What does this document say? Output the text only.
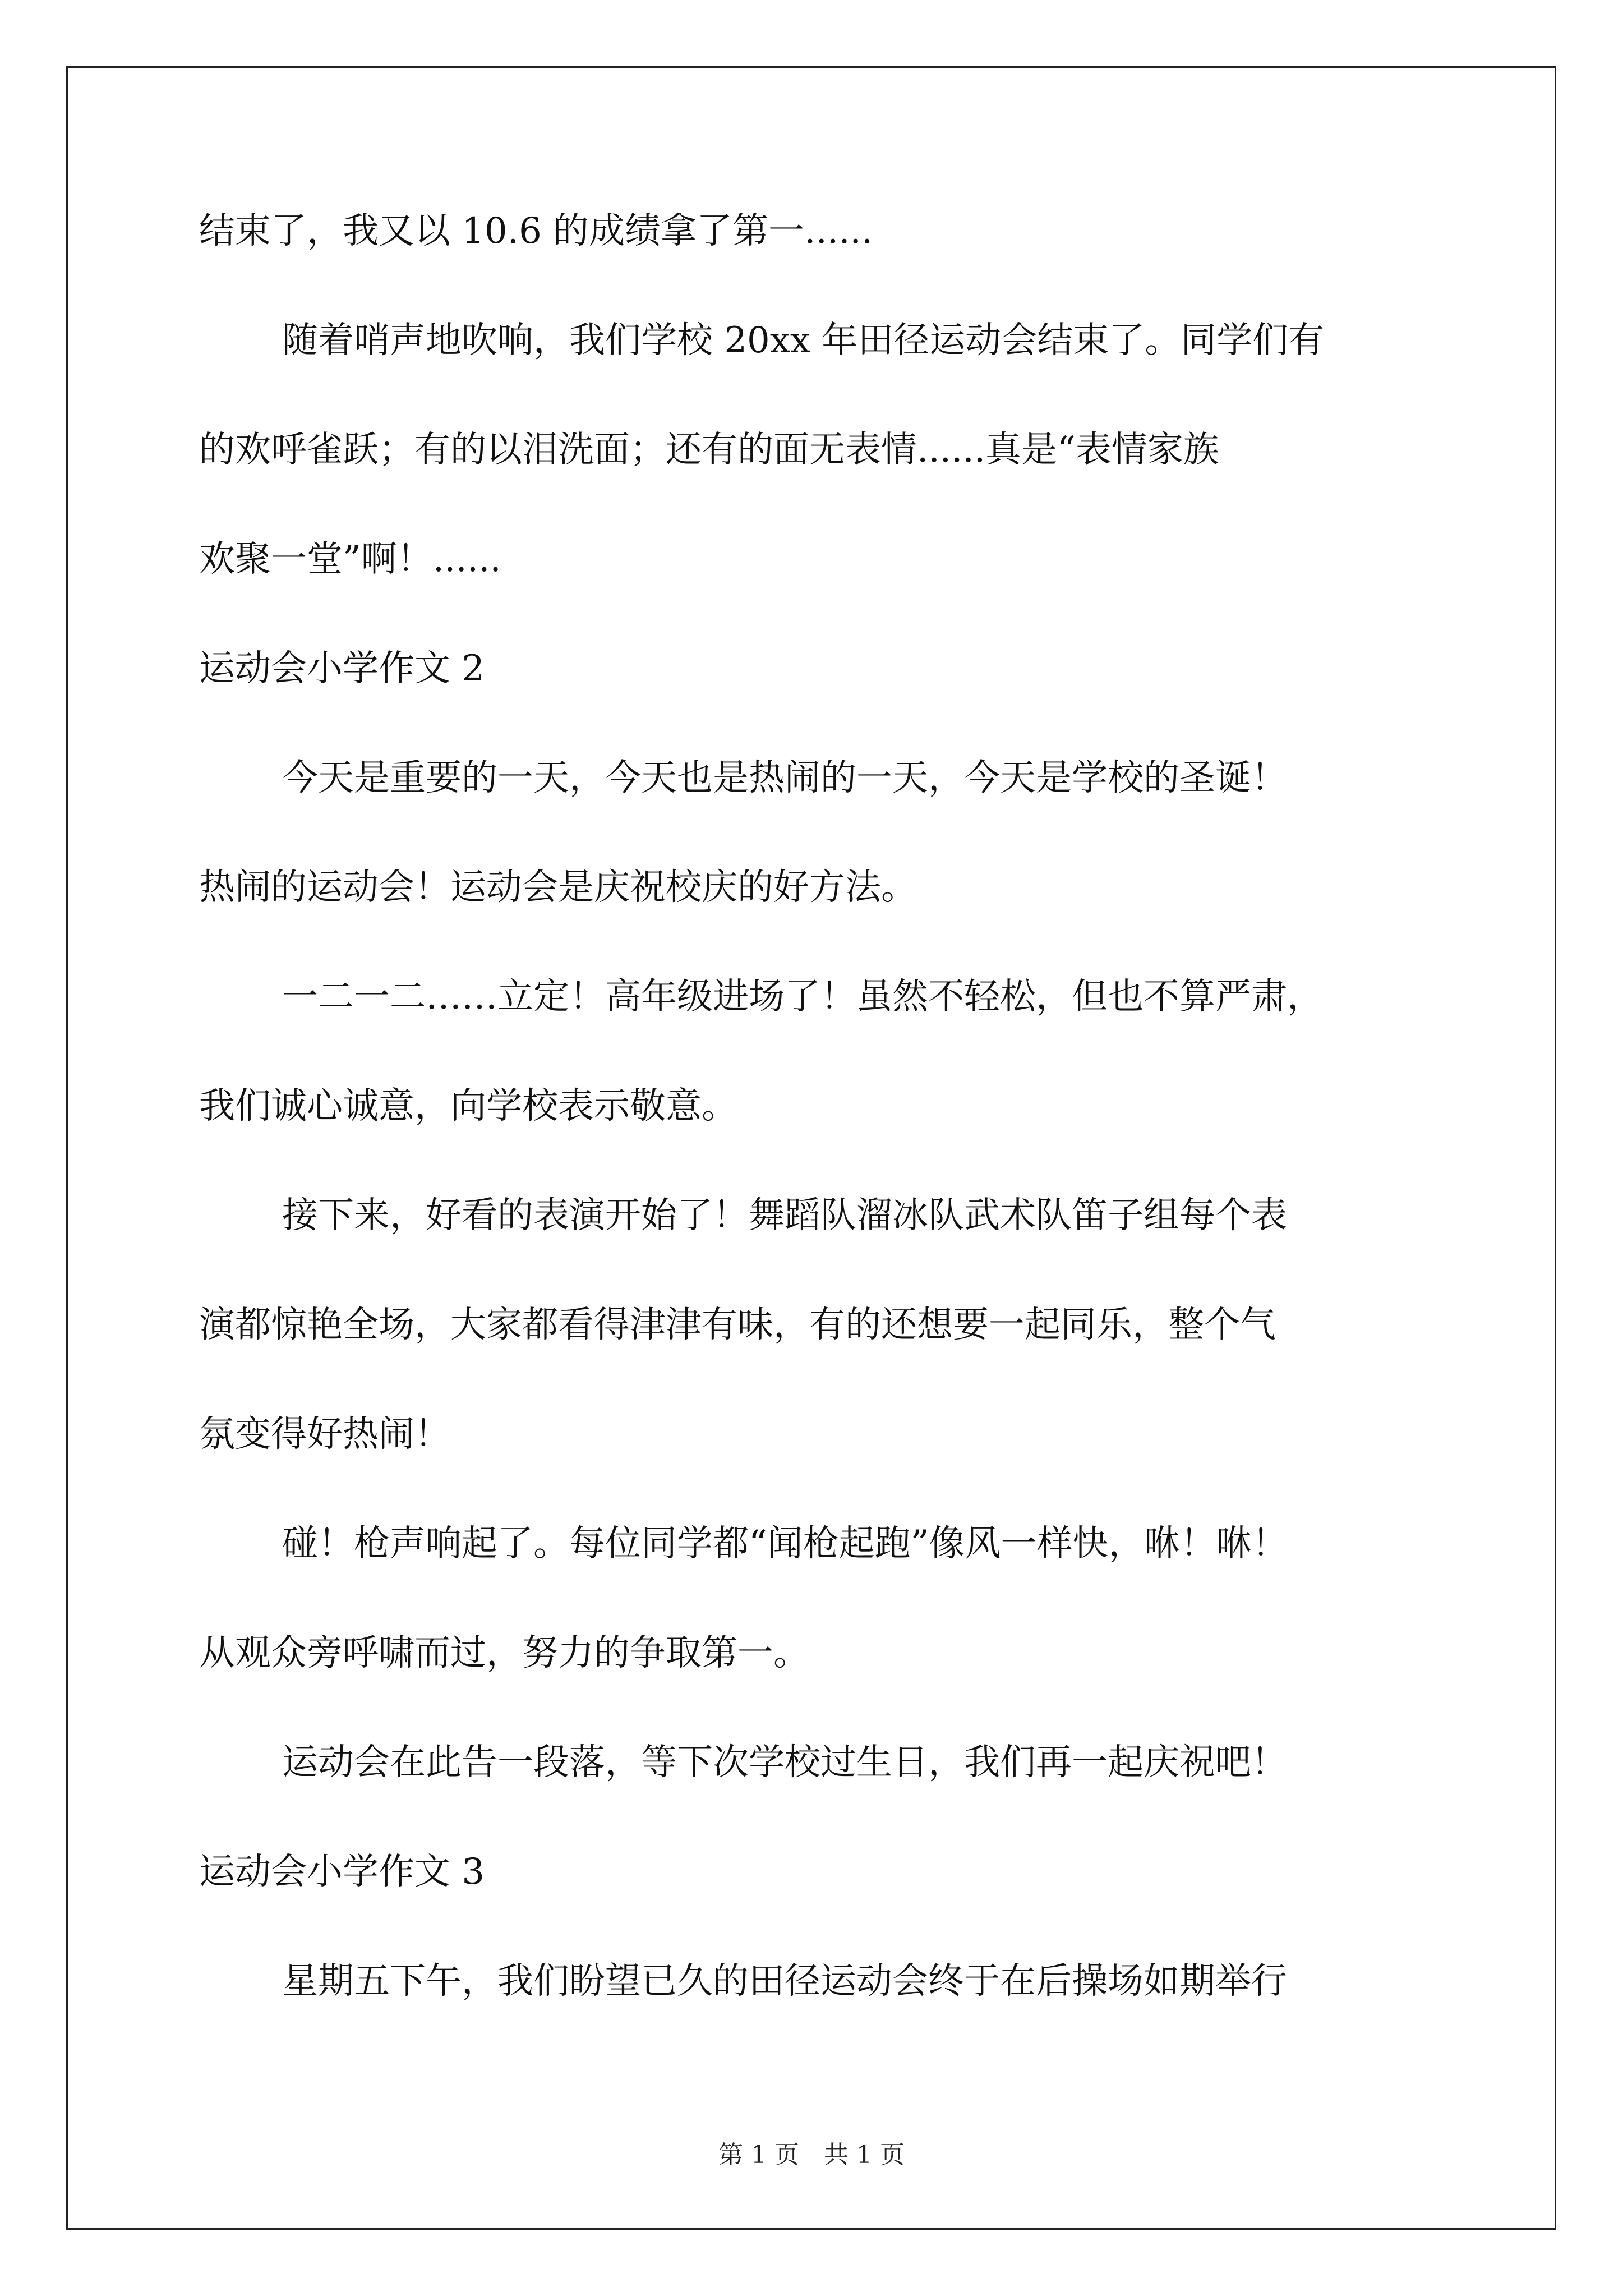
结束了，我又以 10.6 的成绩拿了第一......
随着哨声地吹响，我们学校 20xx 年田径运动会结束了。同学们有
的欢呼雀跃；有的以泪洗面；还有的面无表情......真是“表情家族
欢聚一堂”啊！......
运动会小学作文 2
今天是重要的一天，今天也是热闹的一天，今天是学校的圣诞！
热闹的运动会！运动会是庆祝校庆的好方法。
一二一二……立定！高年级进场了！虽然不轻松，但也不算严肃，
我们诚心诚意，向学校表示敬意。
接下来，好看的表演开始了！舞蹈队溜冰队武术队笛子组每个表
演都惊艳全场，大家都看得津津有味，有的还想要一起同乐，整个气
氛变得好热闹！
碰！枪声响起了。每位同学都“闻枪起跑”像风一样快，咻！咻！
从观众旁呼啸而过，努力的争取第一。
运动会在此告一段落，等下次学校过生日，我们再一起庆祝吧！
运动会小学作文 3
星期五下午，我们盼望已久的田径运动会终于在后操场如期举行
第 1 页　共 1 页
